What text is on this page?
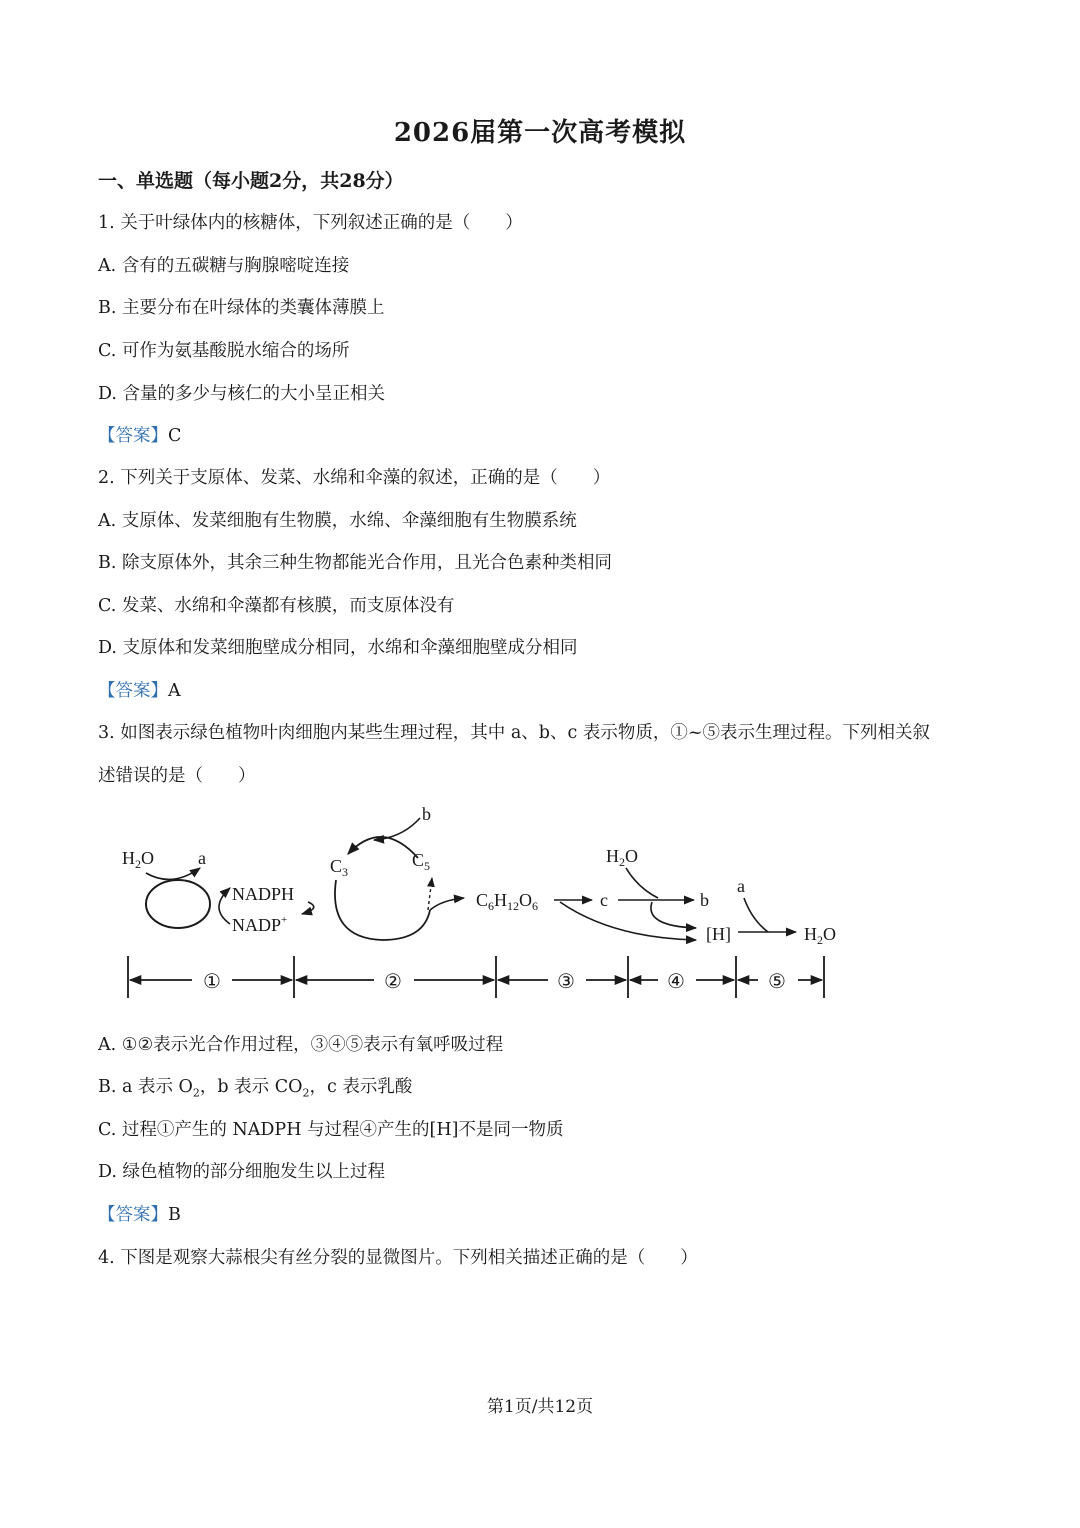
2026届第一次高考模拟
一、单选题（每小题2分，共28分）
1. 关于叶绿体内的核糖体，下列叙述正确的是（　　）
A. 含有的五碳糖与胸腺嘧啶连接
B. 主要分布在叶绿体的类囊体薄膜上
C. 可作为氨基酸脱水缩合的场所
D. 含量的多少与核仁的大小呈正相关
【答案】C
2. 下列关于支原体、发菜、水绵和伞藻的叙述，正确的是（　　）
A. 支原体、发菜细胞有生物膜，水绵、伞藻细胞有生物膜系统
B. 除支原体外，其余三种生物都能光合作用，且光合色素种类相同
C. 发菜、水绵和伞藻都有核膜，而支原体没有
D. 支原体和发菜细胞壁成分相同，水绵和伞藻细胞壁成分相同
【答案】A
3. 如图表示绿色植物叶肉细胞内某些生理过程，其中 a、b、c 表示物质，①~⑤表示生理过程。下列相关叙
述错误的是（　　）
$H_2O$ a
NADPH
NADP+
b
$C_3$
$C_5$
$C_6H_{12}O_6$	c
$H_2O$
b
[H]
a
$H_2O$
①	②	③	④	⑤
A. ①②表示光合作用过程，③④⑤表示有氧呼吸过程
B. a 表示 $O_2$，b 表示 $CO_2$，c 表示乳酸
C. 过程①产生的 NADPH 与过程④产生的[H]不是同一物质
D. 绿色植物的部分细胞发生以上过程
【答案】B
4. 下图是观察大蒜根尖有丝分裂的显微图片。下列相关描述正确的是（　　）
第1页/共12页
